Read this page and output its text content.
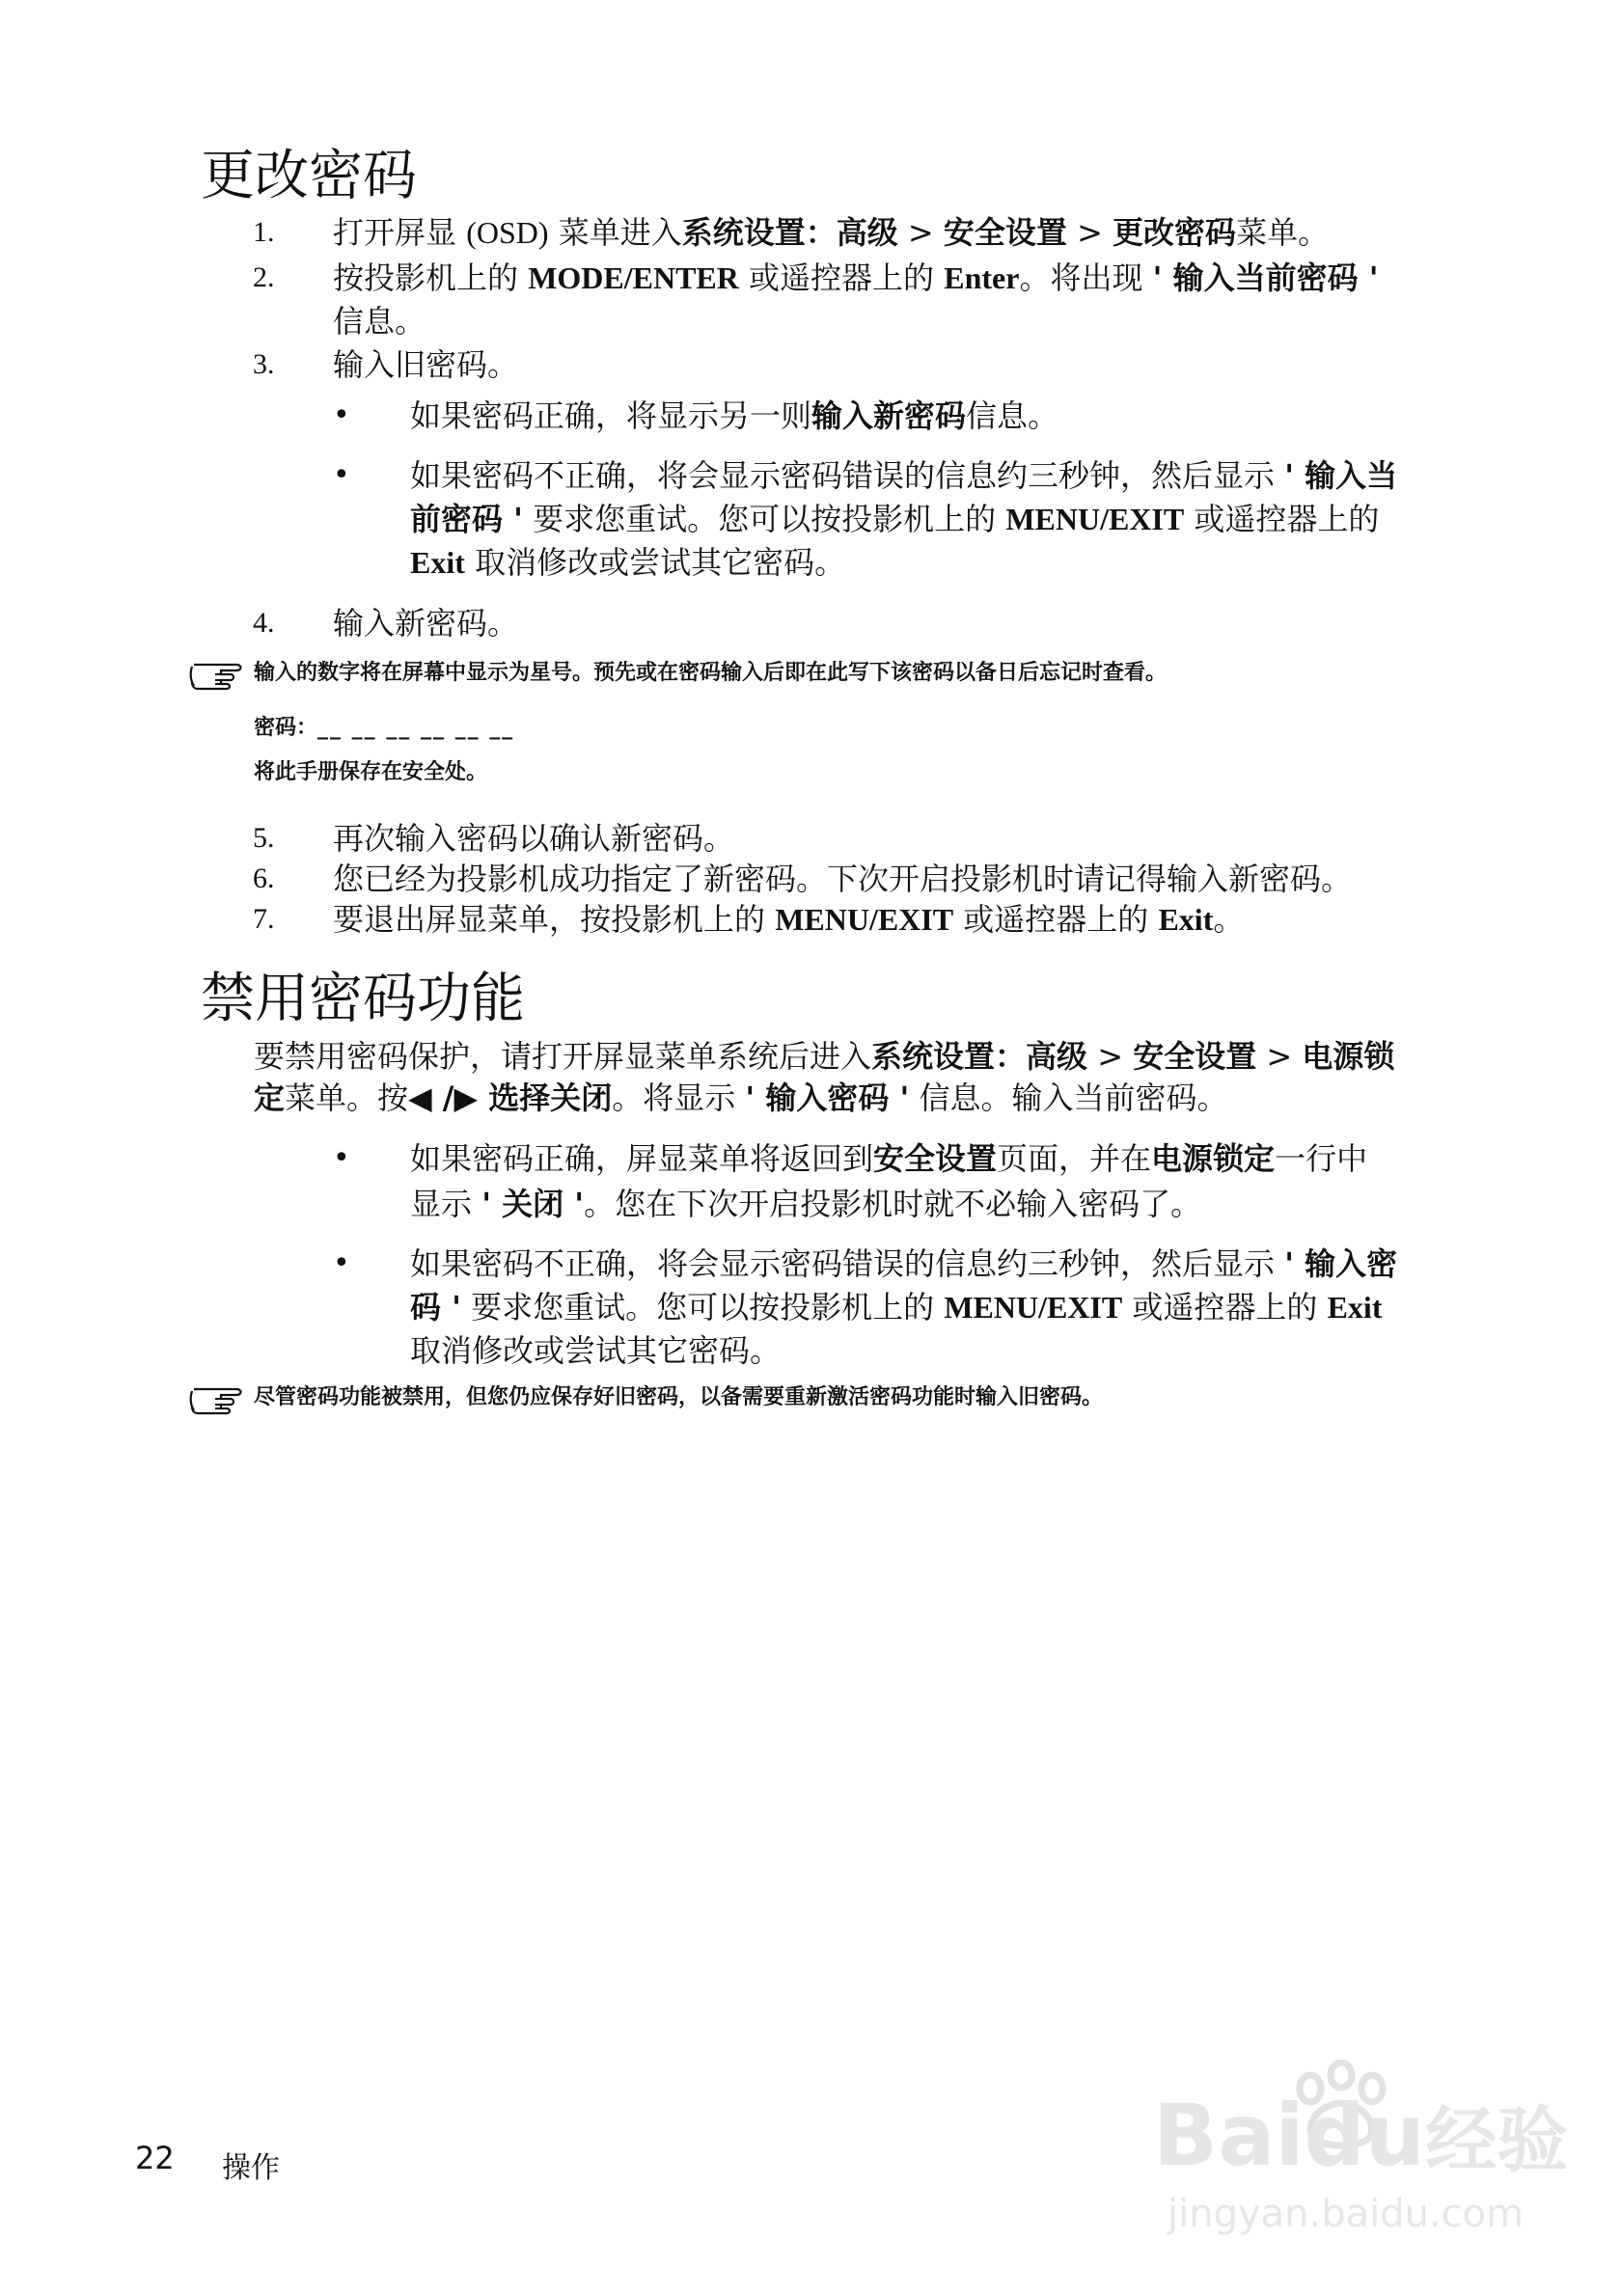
更改密码
1. 打开屏显 (OSD) 菜单进入系统设置：高级 > 安全设置 > 更改密码菜单。
2. 按投影机上的 MODE/ENTER 或遥控器上的 Enter。将出现 ' 输入当前密码 '
信息。
3. 输入旧密码。
• 如果密码正确，将显示另一则输入新密码信息。
• 如果密码不正确，将会显示密码错误的信息约三秒钟，然后显示 ' 输入当
前密码 ' 要求您重试。您可以按投影机上的 MENU/EXIT 或遥控器上的
Exit 取消修改或尝试其它密码。
4. 输入新密码。
输入的数字将在屏幕中显示为星号。预先或在密码输入后即在此写下该密码以备日后忘记时查看。
密码：__ __ __ __ __ __
将此手册保存在安全处。
5. 再次输入密码以确认新密码。
6. 您已经为投影机成功指定了新密码。下次开启投影机时请记得输入新密码。
7. 要退出屏显菜单，按投影机上的 MENU/EXIT 或遥控器上的 Exit。
禁用密码功能
要禁用密码保护，请打开屏显菜单系统后进入系统设置：高级 > 安全设置 > 电源锁
定菜单。按◀ /▶ 选择关闭。将显示 ' 输入密码 ' 信息。输入当前密码。
• 如果密码正确，屏显菜单将返回到安全设置页面，并在电源锁定一行中
显示 ' 关闭 '。您在下次开启投影机时就不必输入密码了。
• 如果密码不正确，将会显示密码错误的信息约三秒钟，然后显示 ' 输入密
码 ' 要求您重试。您可以按投影机上的 MENU/EXIT 或遥控器上的 Exit
取消修改或尝试其它密码。
尽管密码功能被禁用，但您仍应保存好旧密码，以备需要重新激活密码功能时输入旧密码。
22 操作	Baidu经验
jingyan.baidu.com
